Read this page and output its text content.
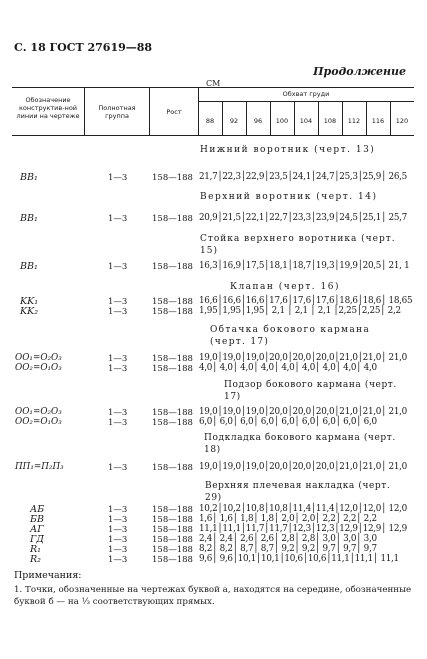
С. 18 ГОСТ 27619—88
Продолжение
СМ
Обозначение конструктив-ной линии на чертеже
Полнотная группа	Рост
Обхват груди
88	92	96	100	104	108	112	116	120
Нижний воротник (черт. 13)
BB₁	1—3	158—188 21,7│22,3│22,9│23,5│24,1│24,7│25,3│25,9│ 26,5
Верхний воротник (черт. 14)
BB₁	1—3	158—188 20,9│21,5│22,1│22,7│23,3│23,9│24,5│25,1│ 25,7
Стойка верхнего воротника (черт. 15)
BB₁	1—3	158—188 16,3│16,9│17,5│18,1│18,7│19,3│19,9│20,5│ 21, 1
Клапан (черт. 16)
KK₁	1—3	158—188 16,6│16,6│16,6│17,6│17,6│17,6│18,6│18,6│ 18,65
KK₂	1—3	158—188 1,95│1,95│1,95│ 2,1 │ 2,1 │ 2,1 │2,25│2,25│ 2,2
Обтачка бокового кармана (черт. 17)
OO₁=O₂O₃	1—3	158—188 19,0│19,0│19,0│20,0│20,0│20,0│21,0│21,0│ 21,0
OO₂=O₁O₃	1—3	158—188 4,0│ 4,0│ 4,0│ 4,0│ 4,0│ 4,0│ 4,0│ 4,0│ 4,0
Подзор бокового кармана (черт. 17)
OO₁=O₂O₃	1—3	158—188 19,0│19,0│19,0│20,0│20,0│20,0│21,0│21,0│ 21,0
OO₂=O₁O₃	1—3	158—188 6,0│ 6,0│ 6,0│ 6,0│ 6,0│ 6,0│ 6,0│ 6,0│ 6,0
Подкладка бокового кармана (черт. 18)
ПП₁=П₂П₃	1—3	158—188 19,0│19,0│19,0│20,0│20,0│20,0│21,0│21,0│ 21,0
Верхняя плечевая накладка (черт. 29)
АБ	1—3	158—188 10,2│10,2│10,8│10,8│11,4│11,4│12,0│12,0│ 12,0
БВ	1—3	158—188 1,6│ 1,6│ 1,8│ 1,8│ 2,0│ 2,0│ 2,2│ 2,2│ 2,2
АГ	1—3	158—188 11,1│11,1│11,7│11,7│12,3│12,3│12,9│12,9│ 12,9
ГД	1—3	158—188 2,4│ 2,4│ 2,6│ 2,6│ 2,8│ 2,8│ 3,0│ 3,0│ 3,0
R₁	1—3	158—188 8,2│ 8,2│ 8,7│ 8,7│ 9,2│ 9,2│ 9,7│ 9,7│ 9,7
R₂	1—3	158—188 9,6│ 9,6│10,1│10,1│10,6│10,6│11,1│11,1│ 11,1
Примечания:
1. Точки, обозначенные на чертежах буквой а, находятся на середине, обозначенные буквой б — на ⅓ соответствующих прямых.
